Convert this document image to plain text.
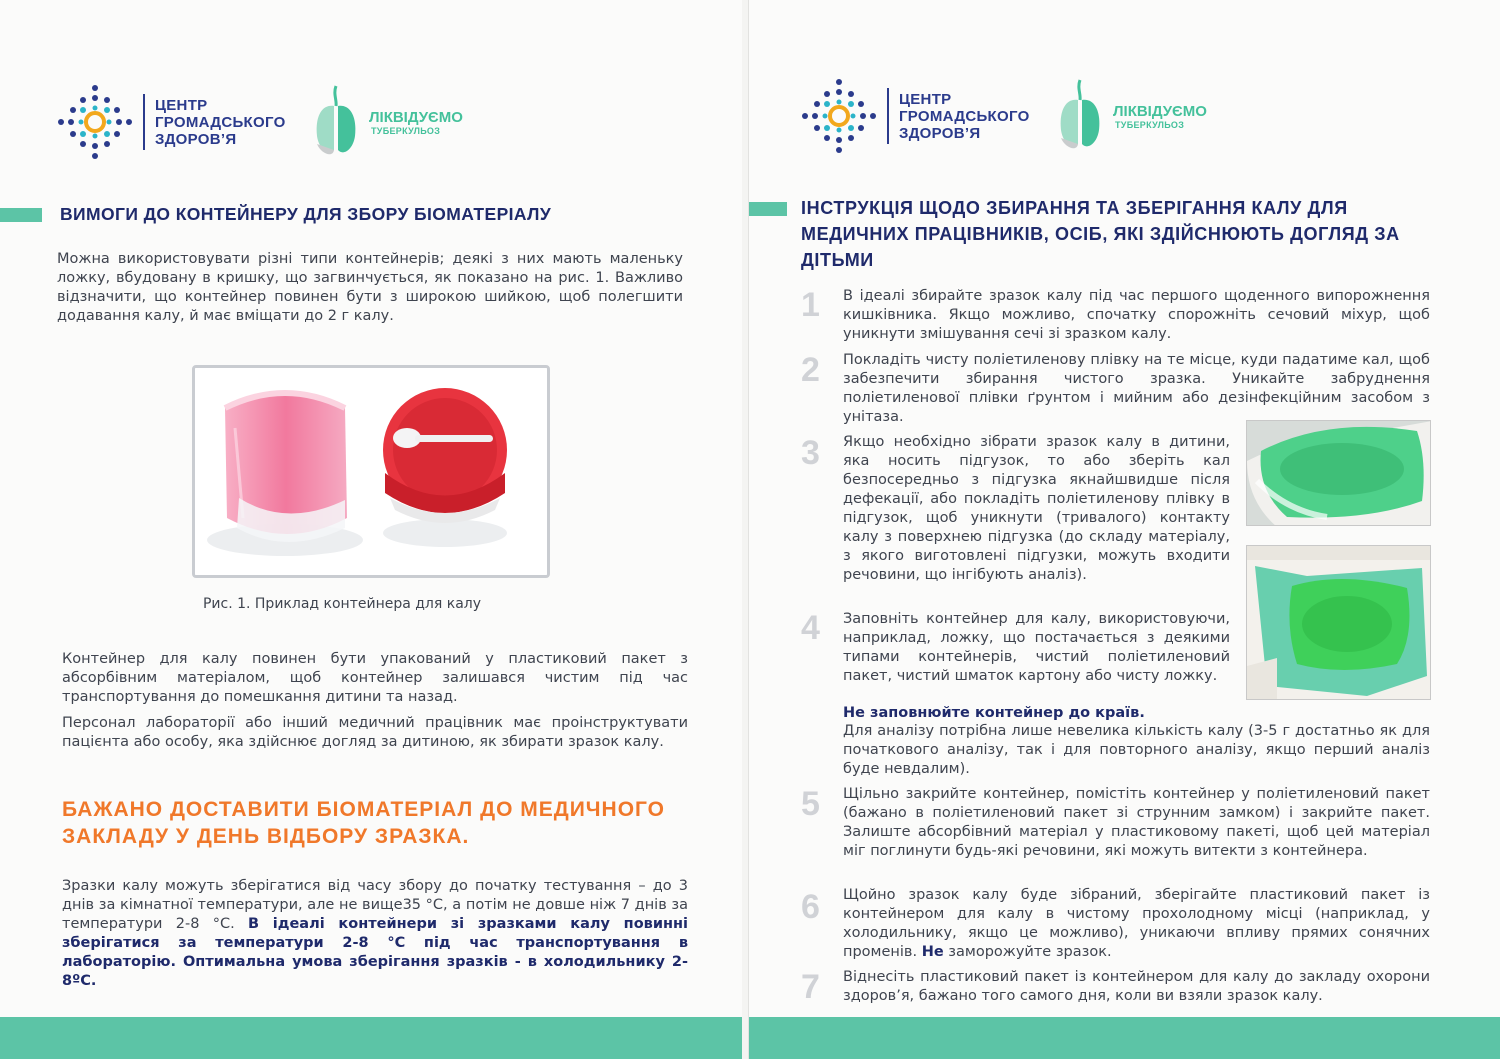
ЦЕНТР
ГРОМАДСЬКОГО
ЗДОРОВ’Я
ЛІКВІДУЄМО
ТУБЕРКУЛЬОЗ
ВИМОГИ ДО КОНТЕЙНЕРУ ДЛЯ ЗБОРУ БІОМАТЕРІАЛУ
Можна використовувати різні типи контейнерів; деякі з них мають маленьку ложку, вбудовану в кришку, що загвинчується, як показано на рис. 1. Важливо відзначити, що контейнер повинен бути з широкою шийкою, щоб полегшити додавання калу, й має вміщати до 2 г калу.
Рис. 1. Приклад контейнера для калу
Контейнер для калу повинен бути упакований у пластиковий пакет з абсорбівним матеріалом, щоб контейнер залишався чистим під час транспортування до помешкання дитини та назад.
Персонал лабораторії або інший медичний працівник має проінструктувати пацієнта або особу, яка здійснює догляд за дитиною, як збирати зразок калу.
БАЖАНО ДОСТАВИТИ БІОМАТЕРІАЛ ДО МЕДИЧНОГО ЗАКЛАДУ У ДЕНЬ ВІДБОРУ ЗРАЗКА.
Зразки калу можуть зберігатися від часу збору до початку тестування – до 3 днів за кімнатної температури, але не вище35 °С, а потім не довше ніж 7 днів за температури 2-8 °С. В ідеалі контейнери зі зразками калу повинні зберігатися за температури 2-8 °С під час транспортування в лабораторію. Оптимальна умова зберігання зразків - в холодильнику 2-8ºС.
ЦЕНТР
ГРОМАДСЬКОГО
ЗДОРОВ’Я
ЛІКВІДУЄМО
ТУБЕРКУЛЬОЗ
ІНСТРУКЦІЯ ЩОДО ЗБИРАННЯ ТА ЗБЕРІГАННЯ КАЛУ ДЛЯ МЕДИЧНИХ ПРАЦІВНИКІВ, ОСІБ, ЯКІ ЗДІЙСНЮЮТЬ ДОГЛЯД ЗА ДІТЬМИ
1 В ідеалі збирайте зразок калу під час першого щоденного випорожнення кишківника. Якщо можливо, спочатку спорожніть сечовий міхур, щоб уникнути змішування сечі зі зразком калу.
2 Покладіть чисту поліетиленову плівку на те місце, куди падатиме кал, щоб забезпечити збирання чистого зразка. Уникайте забруднення поліетиленової плівки ґрунтом і мийним або дезінфекційним засобом з унітаза.
3 Якщо необхідно зібрати зразок калу в дитини, яка носить підгузок, то або зберіть кал безпосередньо з підгузка якнайшвидше після дефекації, або покладіть поліетиленову плівку в підгузок, щоб уникнути (тривалого) контакту калу з поверхнею підгузка (до складу матеріалу, з якого виготовлені підгузки, можуть входити речовини, що інгібують аналіз).
4 Заповніть контейнер для калу, використовуючи, наприклад, ложку, що постачається з деякими типами контейнерів, чистий поліетиленовий пакет, чистий шматок картону або чисту ложку.
Не заповнюйте контейнер до країв.
Для аналізу потрібна лише невелика кількість калу (3-5 г достатньо як для початкового аналізу, так і для повторного аналізу, якщо перший аналіз буде невдалим).
5 Щільно закрийте контейнер, помістіть контейнер у поліетиленовий пакет (бажано в поліетиленовий пакет зі струнним замком) і закрийте пакет. Залиште абсорбівний матеріал у пластиковому пакеті, щоб цей матеріал міг поглинути будь-які речовини, які можуть витекти з контейнера.
6 Щойно зразок калу буде зібраний, зберігайте пластиковий пакет із контейнером для калу в чистому прохолодному місці (наприклад, у холодильнику, якщо це можливо), уникаючи впливу прямих сонячних променів. Не заморожуйте зразок.
7 Віднесіть пластиковий пакет із контейнером для калу до закладу охорони здоров’я, бажано того самого дня, коли ви взяли зразок калу.
